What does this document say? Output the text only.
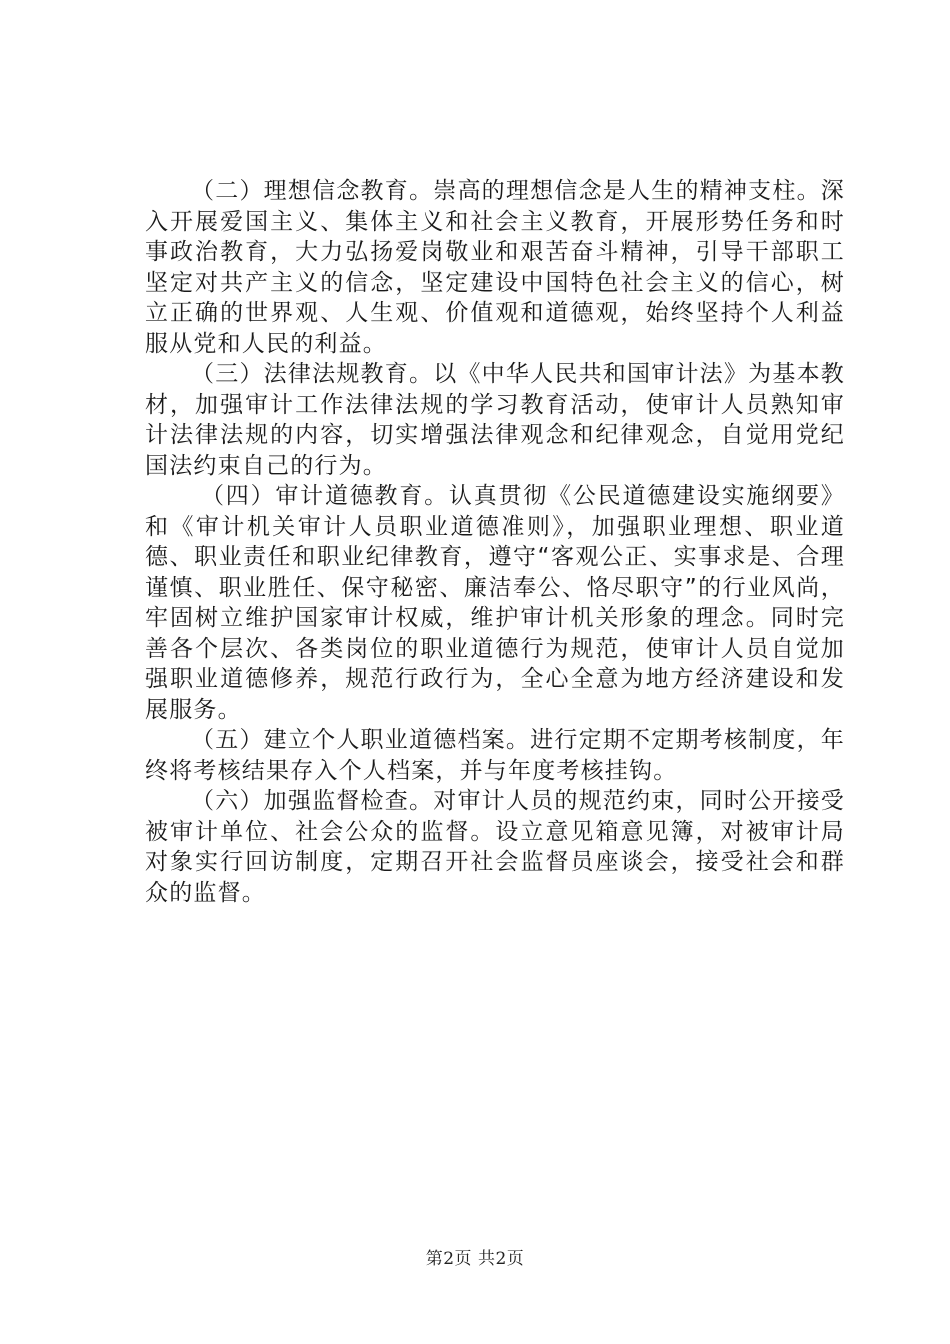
（二）理想信念教育。崇高的理想信念是人生的精神支柱。深入开展爱国主义、集体主义和社会主义教育，开展形势任务和时事政治教育，大力弘扬爱岗敬业和艰苦奋斗精神，引导干部职工坚定对共产主义的信念，坚定建设中国特色社会主义的信心，树立正确的世界观、人生观、价值观和道德观，始终坚持个人利益服从党和人民的利益。

（三）法律法规教育。以《中华人民共和国审计法》为基本教材，加强审计工作法律法规的学习教育活动，使审计人员熟知审计法律法规的内容，切实增强法律观念和纪律观念，自觉用党纪国法约束自己的行为。

（四）审计道德教育。认真贯彻《公民道德建设实施纲要》和《审计机关审计人员职业道德准则》，加强职业理想、职业道德、职业责任和职业纪律教育，遵守“客观公正、实事求是、合理谨慎、职业胜任、保守秘密、廉洁奉公、恪尽职守”的行业风尚，牢固树立维护国家审计权威，维护审计机关形象的理念。同时完善各个层次、各类岗位的职业道德行为规范，使审计人员自觉加强职业道德修养，规范行政行为，全心全意为地方经济建设和发展服务。

（五）建立个人职业道德档案。进行定期不定期考核制度，年终将考核结果存入个人档案，并与年度考核挂钩。

（六）加强监督检查。对审计人员的规范约束，同时公开接受被审计单位、社会公众的监督。设立意见箱意见簿，对被审计局对象实行回访制度，定期召开社会监督员座谈会，接受社会和群众的监督。

第2页 共2页
